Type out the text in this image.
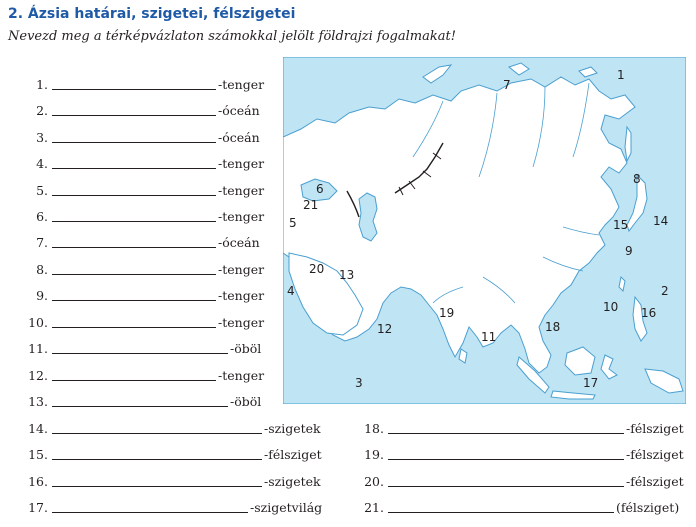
2. Ázsia határai, szigetei, félszigetei
Nevezd meg a térképvázlaton számokkal jelölt földrajzi fogalmakat!
1.	-tenger
2.	-óceán
3.	-óceán
4.	-tenger
5.	-tenger
6.	-tenger
7.	-óceán
8.	-tenger
9.	-tenger
10.	-tenger
11.	-öböl
12.	-tenger
13.	-öböl
14.	-szigetek
15.	-félsziget
16.	-szigetek
17.	-szigetvilág
18.	-félsziget
19.	-félsziget
20.	-félsziget
21.	(félsziget)
1
2
3
4
5
6
7
8
9
10
11
12
13
14
15
16
17
18
19
20
21
